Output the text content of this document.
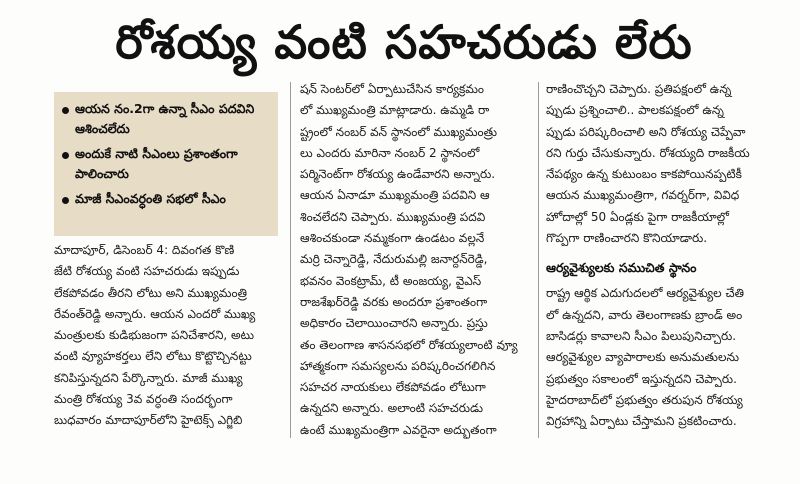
రోశయ్య వంటి సహచరుడు లేరు
ఆయన నం.2గా ఉన్నా సీఎం పదవిని ఆశించలేదు
అందుకే నాటి సీఎంలు ప్రశాంతంగా పాలించారు
మాజీ సీఎంవర్ధంతి సభలో సీఎం
మాదాపూర్, డిసెంబర్ 4: దివంగత కొణి
జేటి రోశయ్య వంటి సహచరుడు ఇప్పుడు
లేకపోవడం తీరని లోటు అని ముఖ్యమంత్రి
రేవంత్‌రెడ్డి అన్నారు. ఆయన ఎందరో ముఖ్య
మంత్రులకు కుడిభుజంగా పనిచేశారని, అటు
వంటి వ్యూహకర్తలు లేని లోటు కొట్టొచ్చినట్టు
కనిపిస్తున్నదని పేర్కొన్నారు. మాజీ ముఖ్య
మంత్రి రోశయ్య 3వ వర్ధంతి సందర్భంగా
బుధవారం మాదాపూర్‌లోని హైటెక్స్ ఎగ్జిబి
షన్ సెంటర్‌లో ఏర్పాటుచేసిన కార్యక్రమం
లో ముఖ్యమంత్రి మాట్లాడారు. ఉమ్మడి రా
ష్ట్రంలో నంబర్ వన్ స్థానంలో ముఖ్యమంత్రు
లు ఎందరు మారినా నంబర్ 2 స్థానంలో
పర్మినెంట్‌గా రోశయ్య ఉండేవారని అన్నారు.
ఆయన ఏనాడూ ముఖ్యమంత్రి పదవిని ఆ
శించలేదని చెప్పారు. ముఖ్యమంత్రి పదవి
ఆశించకుండా నమ్మకంగా ఉండటం వల్లనే
మర్రి చెన్నారెడ్డి, నేదురుమల్లి జనార్దన్‌రెడ్డి,
భవనం వెంకట్రామ్, టీ అంజయ్య, వైఎస్
రాజశేఖర్‌రెడ్డి వరకు అందరూ ప్రశాంతంగా
అధికారం చెలాయించారని అన్నారు. ప్రస్తు
తం తెలంగాణ శాసనసభలో రోశయ్యలాంటి వ్యూ
హాత్మకంగా సమస్యలను పరిష్కరించగలిగిన
సహచర నాయకులు లేకపోవడం లోటుగా
ఉన్నదని అన్నారు. అలాంటి సహచరుడు
ఉంటే ముఖ్యమంత్రిగా ఎవరైనా అద్భుతంగా
రాణించొచ్చని చెప్పారు. ప్రతిపక్షంలో ఉన్న
ప్పుడు ప్రశ్నించాలి.. పాలకపక్షంలో ఉన్న
ప్పుడు పరిష్కరించాలి అని రోశయ్య చెప్పేవా
రని గుర్తు చేసుకున్నారు. రోశయ్యది రాజకీయ
నేపథ్యం ఉన్న కుటుంబం కాకపోయినప్పటికీ
ఆయన ముఖ్యమంత్రిగా, గవర్నర్‌గా, వివిధ
హోదాల్లో 50 ఏండ్లకు పైగా రాజకీయాల్లో
గొప్పగా రాణించారని కొనియాడారు.
ఆర్యవైశ్యులకు సముచిత స్థానం
రాష్ట్ర ఆర్థిక ఎదుగుదలలో ఆర్యవైశ్యుల చేతి
లో ఉన్నదని, వారు తెలంగాణకు బ్రాండ్ అం
బాసిడర్లు కావాలని సీఎం పిలుపునిచ్చారు.
ఆర్యవైశ్యుల వ్యాపారాలకు అనుమతులను
ప్రభుత్వం సకాలంలో ఇస్తున్నదని చెప్పారు.
హైదరాబాద్‌లో ప్రభుత్వం తరుపున రోశయ్య
విగ్రహాన్ని ఏర్పాటు చేస్తామని ప్రకటించారు.
